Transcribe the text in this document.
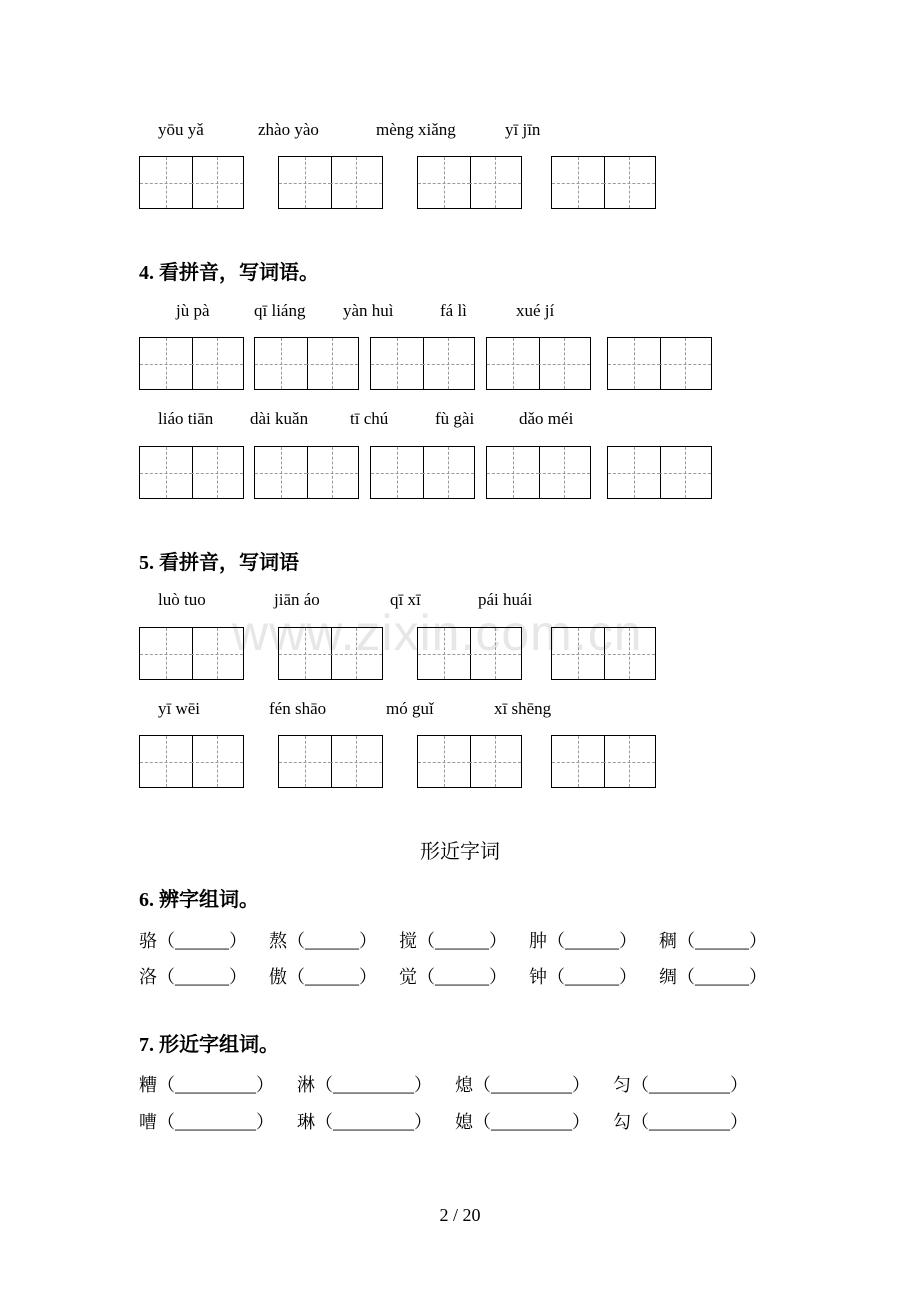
www.zixin.com.cn
yōu yǎ	zhào yào	mèng xiǎng	yī jīn
4. 看拼音，写词语。
jù pà	qī liáng yàn huì	fá lì	xué jí
liáo tiān dài kuǎn tī chú	fù gài	dǎo méi
5. 看拼音，写词语
luò tuo	jiān áo	qī xī	pái huái
yī wēi	fén shāo	mó guǐ	xī shēng
形近字词
6. 辨字组词。
骆（______） 熬（______） 搅（______） 肿（______） 稠（______）
洛（______） 傲（______） 觉（______） 钟（______） 绸（______）
7. 形近字组词。
糟（_________） 淋（_________） 熄（_________） 匀（_________）
嘈（_________） 琳（_________） 媳（_________） 勾（_________）
2 / 20
